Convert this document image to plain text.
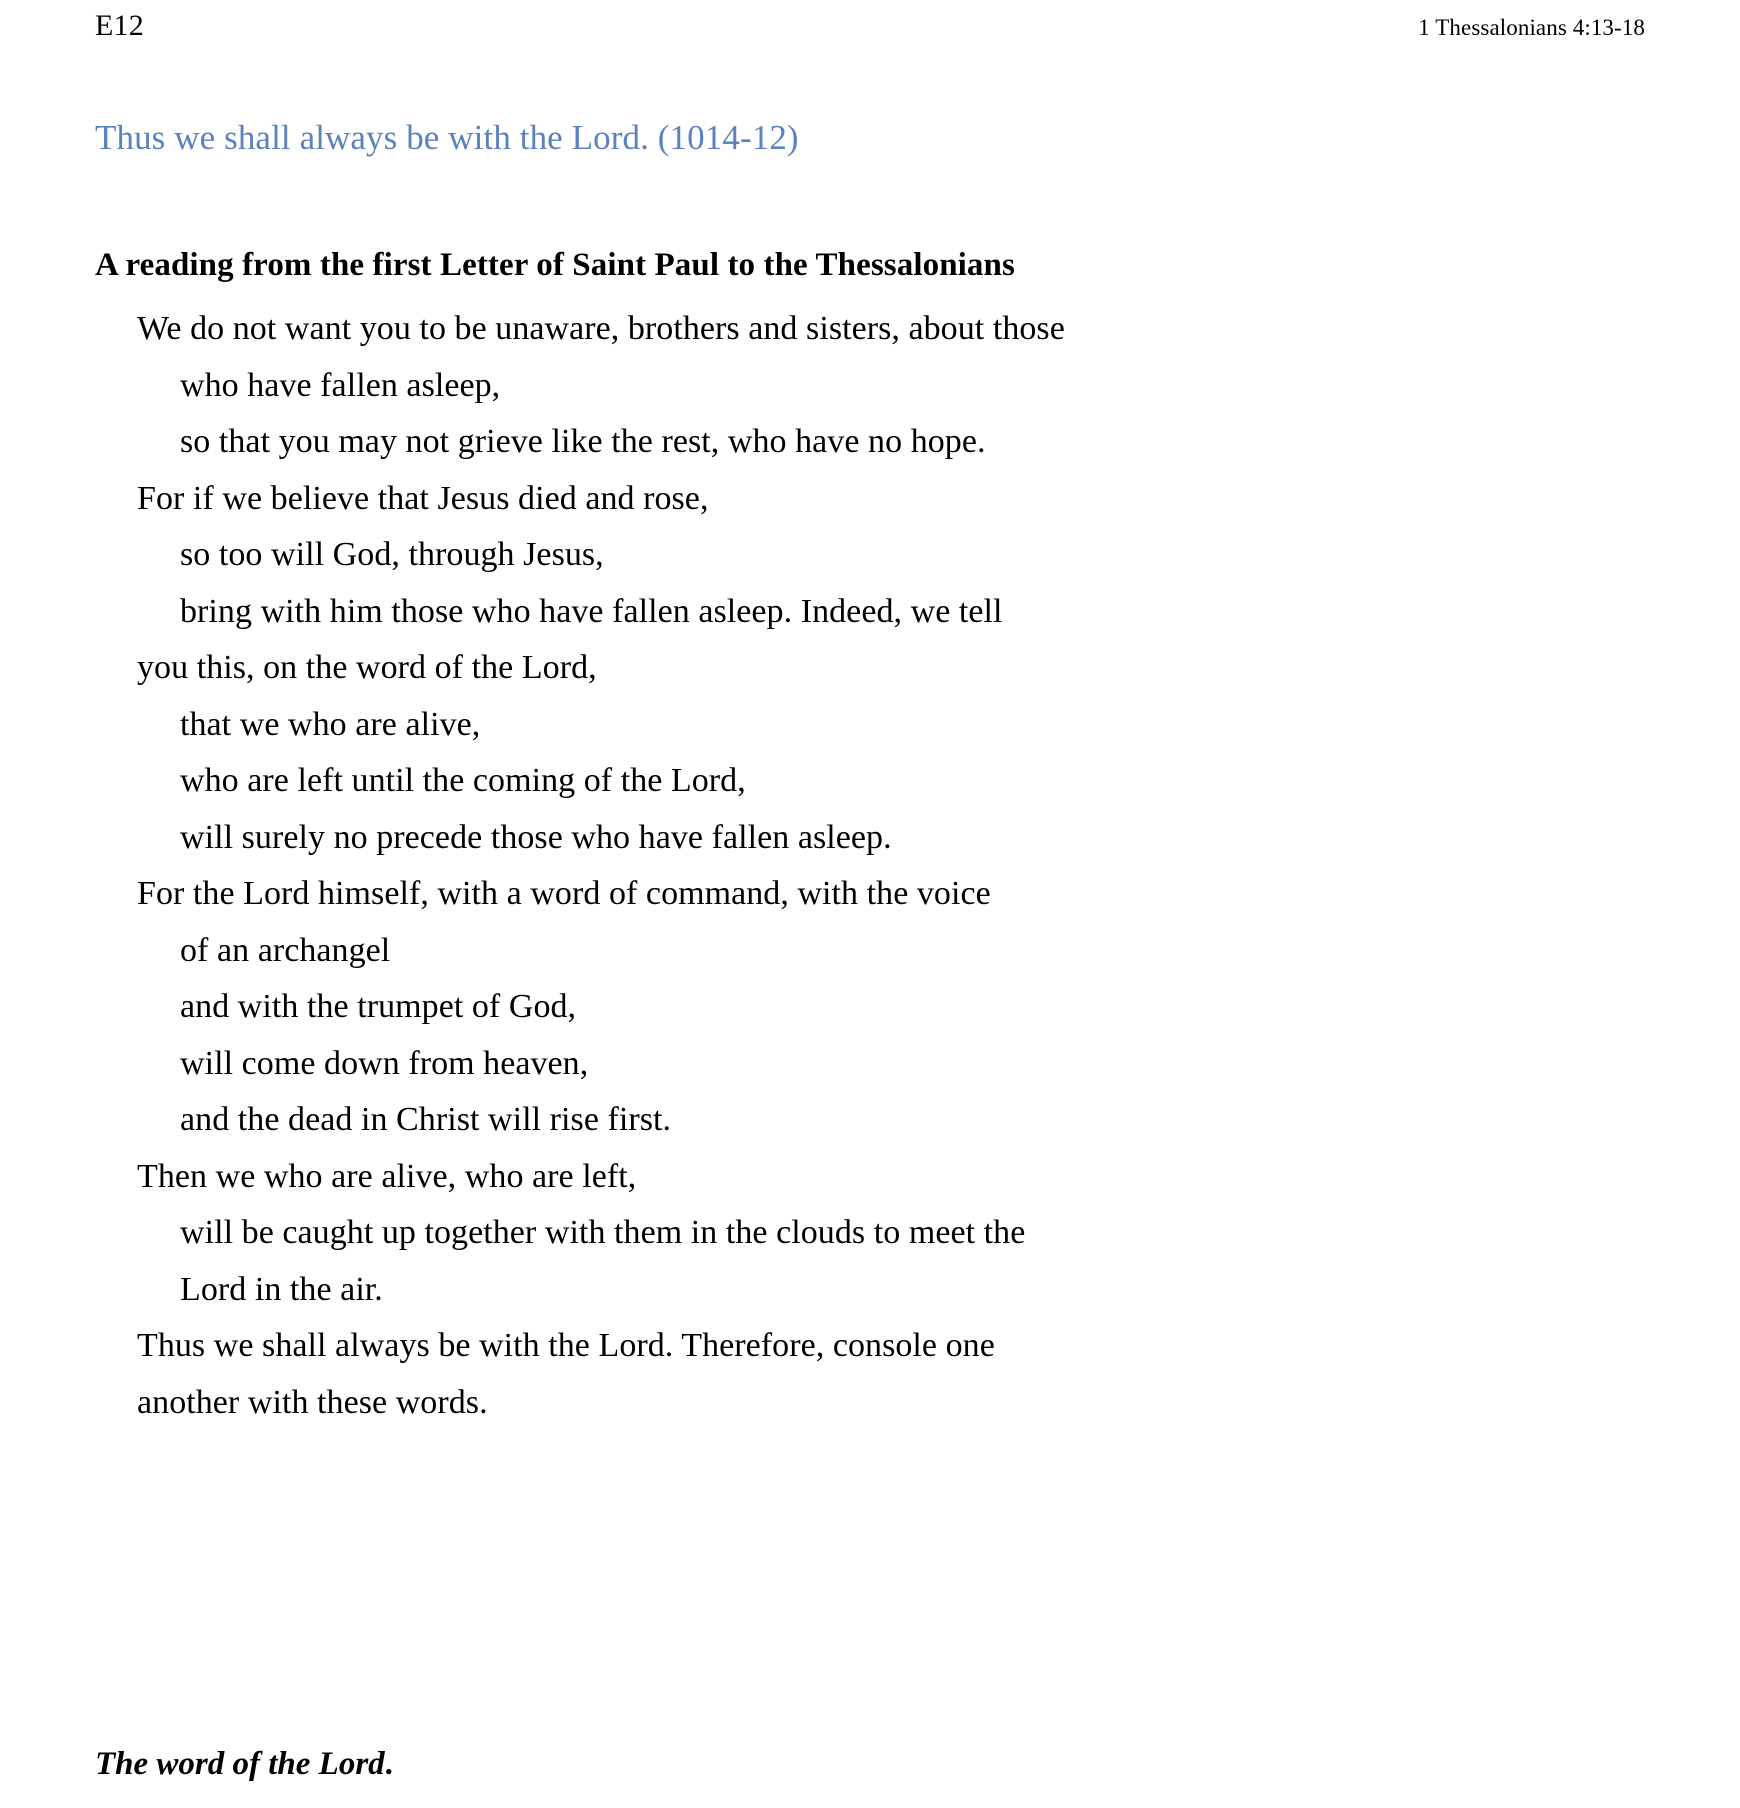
E12	1 Thessalonians 4:13-18
Thus we shall always be with the Lord. (1014-12)

A reading from the first Letter of Saint Paul to the Thessalonians

We do not want you to be unaware, brothers and sisters, about those
who have fallen asleep,
so that you may not grieve like the rest, who have no hope.
For if we believe that Jesus died and rose,
so too will God, through Jesus,
bring with him those who have fallen asleep. Indeed, we tell
you this, on the word of the Lord,
that we who are alive,
who are left until the coming of the Lord,
will surely no precede those who have fallen asleep.
For the Lord himself, with a word of command, with the voice
of an archangel
and with the trumpet of God,
will come down from heaven,
and the dead in Christ will rise first.
Then we who are alive, who are left,
will be caught up together with them in the clouds to meet the
Lord in the air.
Thus we shall always be with the Lord. Therefore, console one
another with these words.
The word of the Lord.
